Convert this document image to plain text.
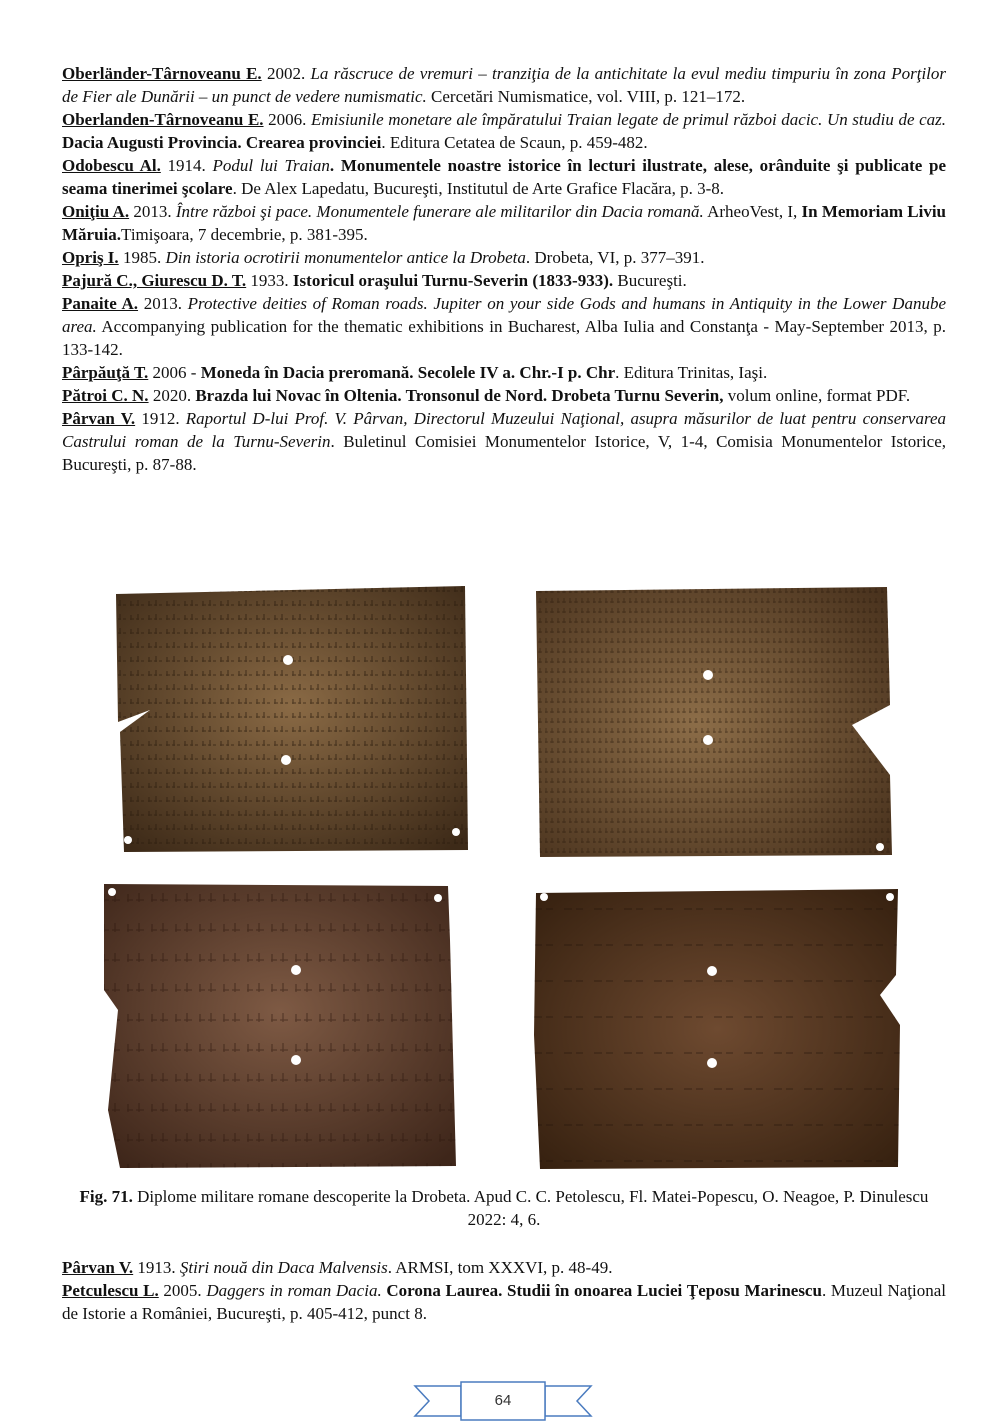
Oberländer-Târnoveanu E. 2002. La răscruce de vremuri – tranziţia de la antichitate la evul mediu timpuriu în zona Porţilor de Fier ale Dunării – un punct de vedere numismatic. Cercetări Numismatice, vol. VIII, p. 121–172.

Oberlanden-Târnoveanu E. 2006. Emisiunile monetare ale împăratului Traian legate de primul război dacic. Un studiu de caz. Dacia Augusti Provincia. Crearea provinciei. Editura Cetatea de Scaun, p. 459-482.

Odobescu Al. 1914. Podul lui Traian. Monumentele noastre istorice în lecturi ilustrate, alese, orânduite şi publicate pe seama tinerimei şcolare. De Alex Lapedatu, Bucureşti, Institutul de Arte Grafice Flacăra, p. 3-8.

Oniţiu A. 2013. Între război şi pace. Monumentele funerare ale militarilor din Dacia romană. ArheoVest, I, In Memoriam Liviu Măruia.Timişoara, 7 decembrie, p. 381-395.

Opriş I. 1985. Din istoria ocrotirii monumentelor antice la Drobeta. Drobeta, VI, p. 377–391.

Pajură C., Giurescu D. T. 1933. Istoricul oraşului Turnu-Severin (1833-933). Bucureşti.

Panaite A. 2013. Protective deities of Roman roads. Jupiter on your side Gods and humans in Antiquity in the Lower Danube area. Accompanying publication for the thematic exhibitions in Bucharest, Alba Iulia and Constanţa - May-September 2013, p. 133-142.

Pârpăuţă T. 2006 - Moneda în Dacia preromană. Secolele IV a. Chr.-I p. Chr. Editura Trinitas, Iaşi.

Pătroi C. N. 2020. Brazda lui Novac în Oltenia. Tronsonul de Nord. Drobeta Turnu Severin, volum online, format PDF.

Pârvan V. 1912. Raportul D-lui Prof. V. Pârvan, Directorul Muzeului Naţional, asupra măsurilor de luat pentru conservarea Castrului roman de la Turnu-Severin. Buletinul Comisiei Monumentelor Istorice, V, 1-4, Comisia Monumentelor Istorice, Bucureşti, p. 87-88.

Fig. 71. Diplome militare romane descoperite la Drobeta. Apud C. C. Petolescu, Fl. Matei-Popescu, O. Neagoe, P. Dinulescu 2022: 4, 6.

Pârvan V. 1913. Ştiri nouă din Daca Malvensis. ARMSI, tom XXXVI, p. 48-49.

Petculescu L. 2005. Daggers in roman Dacia. Corona Laurea. Studii în onoarea Luciei Ţeposu Marinescu. Muzeul Naţional de Istorie a României, Bucureşti, p. 405-412, punct 8.

64
